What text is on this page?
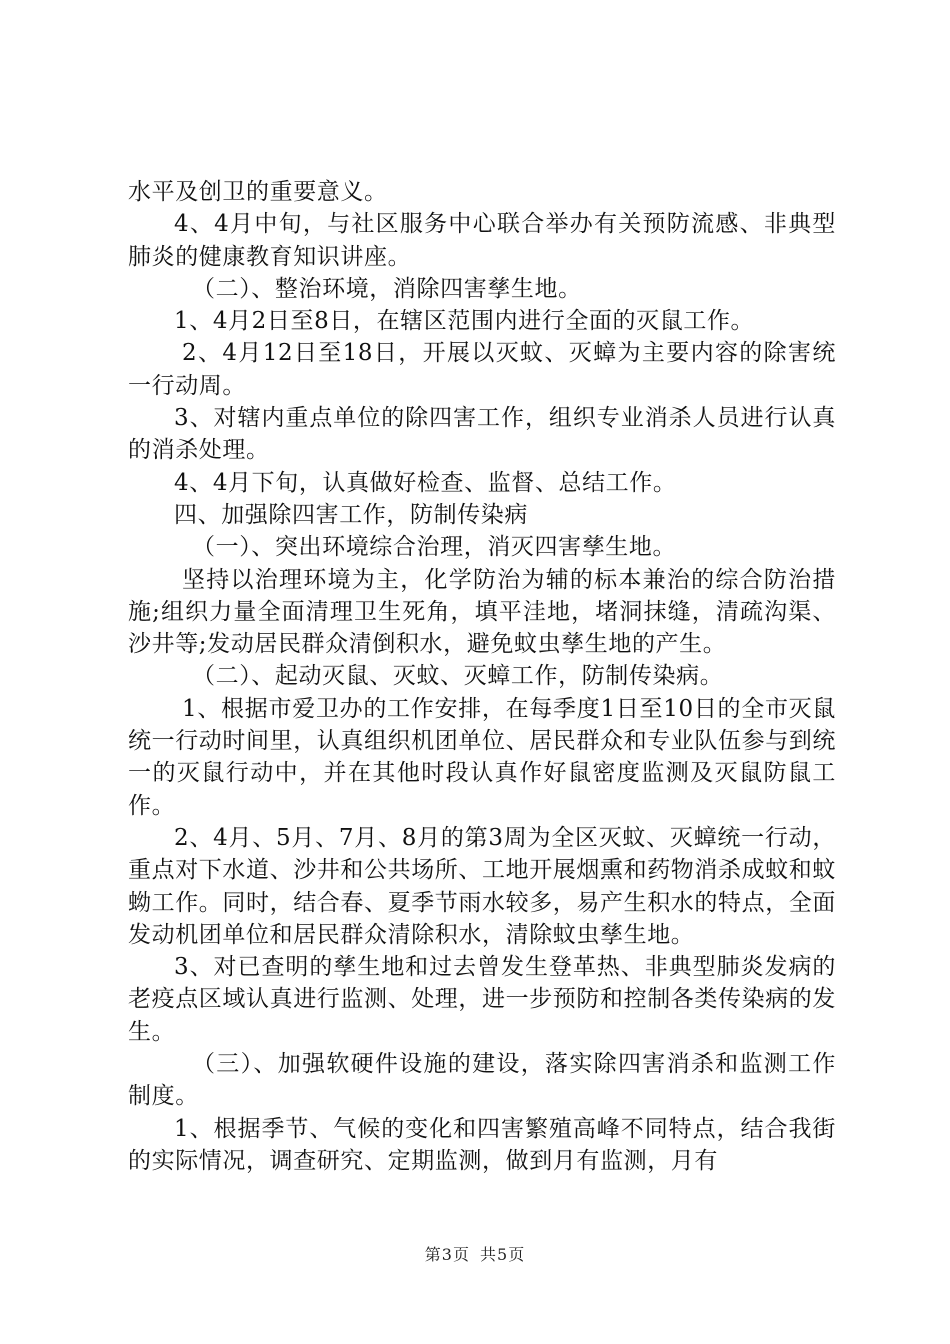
水平及创卫的重要意义。

4、4月中旬，与社区服务中心联合举办有关预防流感、非典型肺炎的健康教育知识讲座。

（二）、整治环境，消除四害孳生地。

1、4月2日至8日，在辖区范围内进行全面的灭鼠工作。

2、4月12日至18日，开展以灭蚊、灭蟑为主要内容的除害统一行动周。

3、对辖内重点单位的除四害工作，组织专业消杀人员进行认真的消杀处理。

4、4月下旬，认真做好检查、监督、总结工作。

四、加强除四害工作，防制传染病

（一）、突出环境综合治理，消灭四害孳生地。

坚持以治理环境为主，化学防治为辅的标本兼治的综合防治措施;组织力量全面清理卫生死角，填平洼地，堵洞抹缝，清疏沟渠、沙井等;发动居民群众清倒积水，避免蚊虫孳生地的产生。

（二）、起动灭鼠、灭蚊、灭蟑工作，防制传染病。

1、根据市爱卫办的工作安排，在每季度1日至10日的全市灭鼠统一行动时间里，认真组织机团单位、居民群众和专业队伍参与到统一的灭鼠行动中，并在其他时段认真作好鼠密度监测及灭鼠防鼠工作。

2、4月、5月、7月、8月的第3周为全区灭蚊、灭蟑统一行动，重点对下水道、沙井和公共场所、工地开展烟熏和药物消杀成蚊和蚊蚴工作。同时，结合春、夏季节雨水较多，易产生积水的特点，全面发动机团单位和居民群众清除积水，清除蚊虫孳生地。

3、对已查明的孳生地和过去曾发生登革热、非典型肺炎发病的老疫点区域认真进行监测、处理，进一步预防和控制各类传染病的发生。

（三）、加强软硬件设施的建设，落实除四害消杀和监测工作制度。

1、根据季节、气候的变化和四害繁殖高峰不同特点，结合我街的实际情况，调查研究、定期监测，做到月有监测，月有

第3页 共5页
